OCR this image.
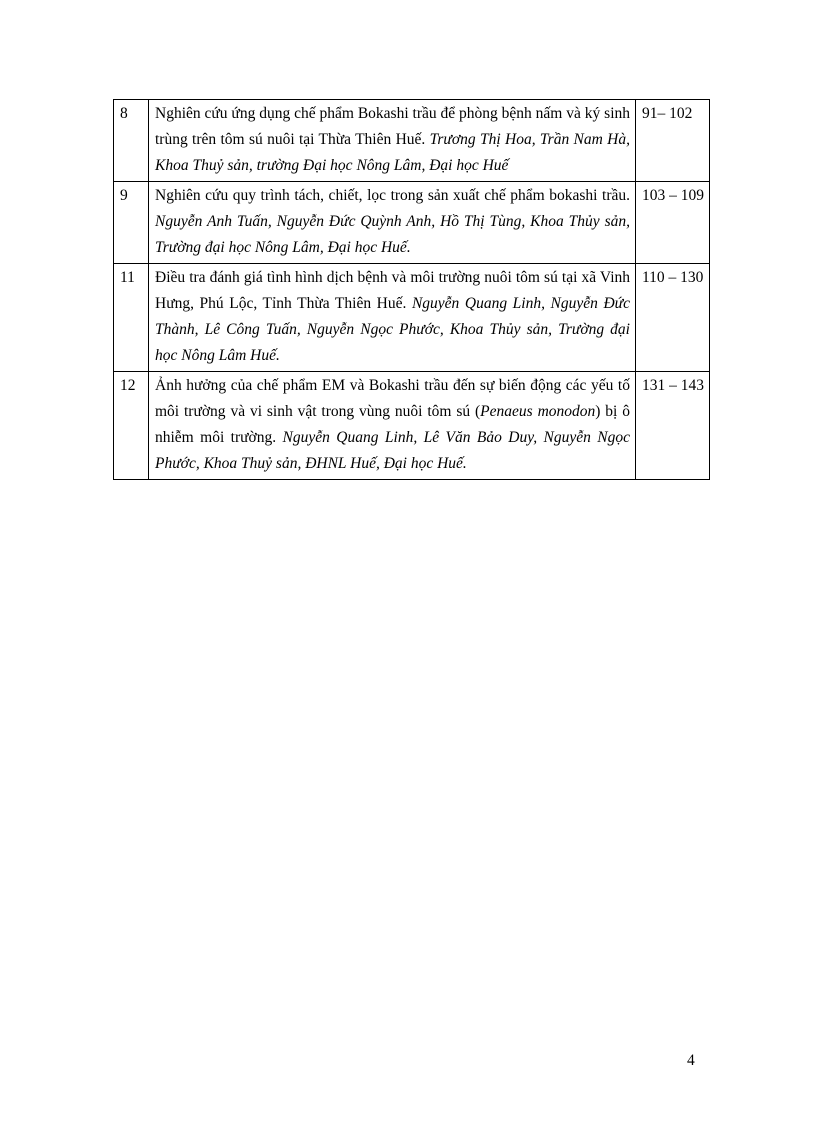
8	Nghiên cứu ứng dụng chế phẩm Bokashi trầu để phòng bệnh nấm và ký sinh trùng trên tôm sú nuôi tại Thừa Thiên Huế. Trương Thị Hoa, Trần Nam Hà, Khoa Thuỷ sản, trường Đại học Nông Lâm, Đại học Huế	91– 102
9	Nghiên cứu quy trình tách, chiết, lọc trong sản xuất chế phẩm bokashi trầu. Nguyễn Anh Tuấn, Nguyễn Đức Quỳnh Anh, Hồ Thị Tùng, Khoa Thủy sản, Trường đại học Nông Lâm, Đại học Huế.	103 – 109
11	Điều tra đánh giá tình hình dịch bệnh và môi trường nuôi tôm sú tại xã Vinh Hưng, Phú Lộc, Tỉnh Thừa Thiên Huế. Nguyễn Quang Linh, Nguyễn Đức Thành, Lê Công Tuấn, Nguyễn Ngọc Phước, Khoa Thủy sản, Trường đại học Nông Lâm Huế.	110 – 130
12	Ảnh hưởng của chế phẩm EM và Bokashi trầu đến sự biến động các yếu tố môi trường và vi sinh vật trong vùng nuôi tôm sú (Penaeus monodon) bị ô nhiễm môi trường. Nguyễn Quang Linh, Lê Văn Bảo Duy, Nguyễn Ngọc Phước, Khoa Thuỷ sản, ĐHNL Huế, Đại học Huế.	131 – 143
4
